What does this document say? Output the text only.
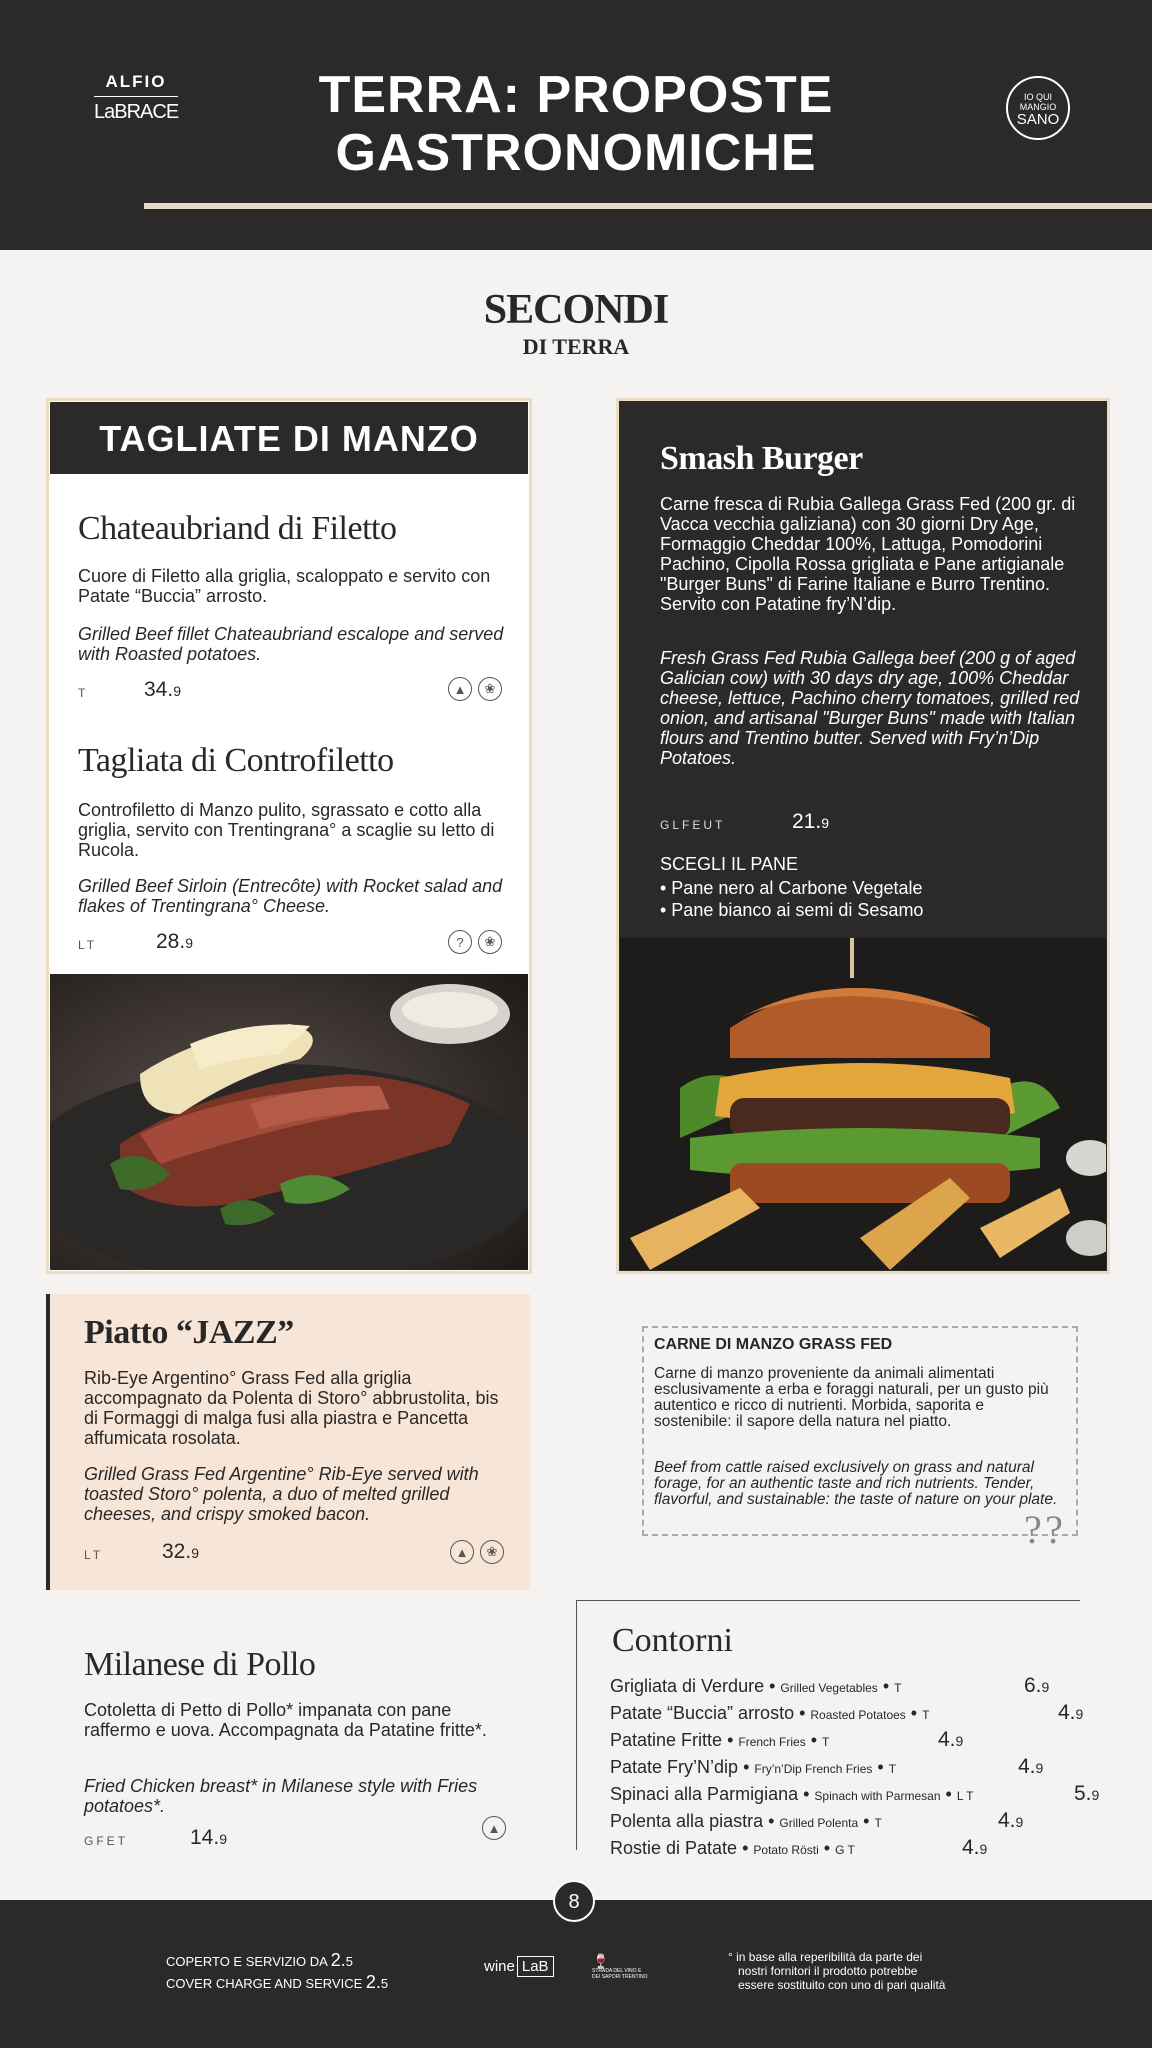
ALFIO
LaBRACE	TERRA: PROPOSTE
GASTRONOMICHE
IO QUI MANGIO
SANO
SECONDI
DI TERRA
TAGLIATE DI MANZO
Chateaubriand di Filetto
Cuore di Filetto alla griglia, scaloppato e servito con Patate “Buccia” arrosto.
Grilled Beef fillet Chateaubriand escalope and served with Roasted potatoes.
T	34.9	▲	❀
Tagliata di Controfiletto
Controfiletto di Manzo pulito, sgrassato e cotto alla griglia, servito con Trentingrana° a scaglie su letto di Rucola.
Grilled Beef Sirloin (Entrecôte) with Rocket salad and flakes of Trentingrana° Cheese.
LT	28.9	?	❀
Smash Burger
Carne fresca di Rubia Gallega Grass Fed (200 gr. di Vacca vecchia galiziana) con 30 giorni Dry Age, Formaggio Cheddar 100%, Lattuga, Pomodorini Pachino, Cipolla Rossa grigliata e Pane artigianale "Burger Buns" di Farine Italiane e Burro Trentino. Servito con Patatine fry’N’dip.
Fresh Grass Fed Rubia Gallega beef (200 g of aged Galician cow) with 30 days dry age, 100% Cheddar cheese, lettuce, Pachino cherry tomatoes, grilled red onion, and artisanal "Burger Buns" made with Italian flours and Trentino butter. Served with Fry’n’Dip Potatoes.
GLFEUT	21.9
SCEGLI IL PANE
• Pane nero al Carbone Vegetale
• Pane bianco ai semi di Sesamo
Piatto “JAZZ”
Rib-Eye Argentino° Grass Fed alla griglia accompagnato da Polenta di Storo° abbrustolita, bis di Formaggi di malga fusi alla piastra e Pancetta affumicata rosolata.
Grilled Grass Fed Argentine° Rib-Eye served with toasted Storo° polenta, a duo of melted grilled cheeses, and crispy smoked bacon.
LT	32.9	▲	❀
CARNE DI MANZO GRASS FED
Carne di manzo proveniente da animali alimentati esclusivamente a erba e foraggi naturali, per un gusto più autentico e ricco di nutrienti. Morbida, saporita e sostenibile: il sapore della natura nel piatto.
Beef from cattle raised exclusively on grass and natural forage, for an authentic taste and rich nutrients. Tender, flavorful, and sustainable: the taste of nature on your plate.
? ?
Milanese di Pollo
Cotoletta di Petto di Pollo* impanata con pane raffermo e uova. Accompagnata da Patatine fritte*.
Fried Chicken breast* in Milanese style with Fries potatoes*.
GFET	14.9
▲
Contorni
Grigliata di Verdure • Grilled Vegetables • T	6.9
Patate “Buccia” arrosto • Roasted Potatoes • T	4.9
Patatine Fritte • French Fries • T	4.9
Patate Fry’N’dip • Fry’n’Dip French Fries • T	4.9
Spinaci alla Parmigiana • Spinach with Parmesan • L T	5.9
Polenta alla piastra • Grilled Polenta • T	4.9
Rostie di Patate • Potato Rösti • G T	4.9
8
COPERTO E SERVIZIO DA 2.5
COVER CHARGE AND SERVICE 2.5
wine LaB	🍷
STRADA DEL VINO E DEI SAPORI TRENTINO
° in base alla reperibilità da parte dei
nostri fornitori il prodotto potrebbe
essere sostituito con uno di pari qualità
